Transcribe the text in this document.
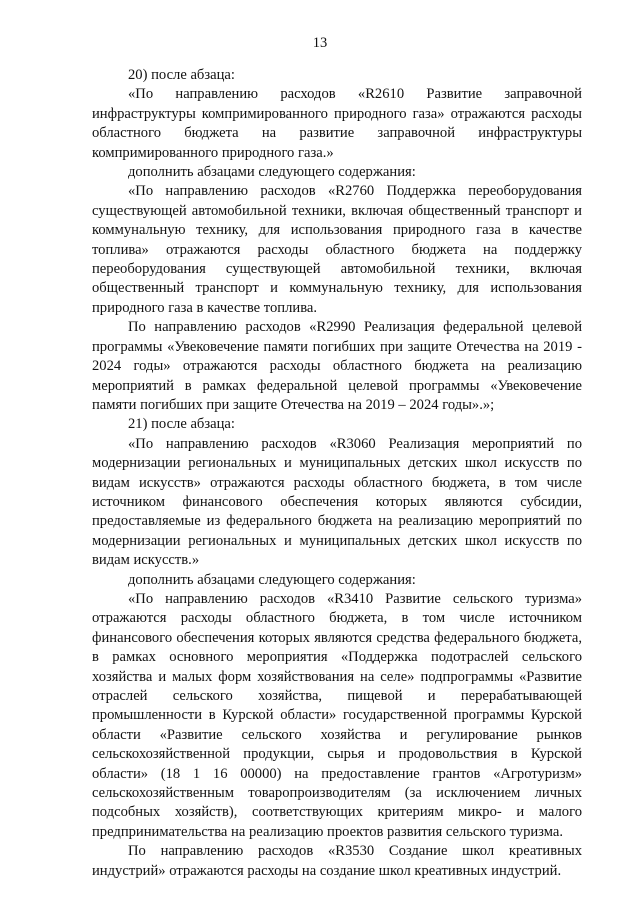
13

20) после абзаца:

«По направлению расходов «R2610 Развитие заправочной инфраструктуры компримированного природного газа» отражаются расходы областного бюджета на развитие заправочной инфраструктуры компримированного природного газа.»

дополнить абзацами следующего содержания:

«По направлению расходов «R2760 Поддержка переоборудования существующей автомобильной техники, включая общественный транспорт и коммунальную технику, для использования природного газа в качестве топлива» отражаются расходы областного бюджета на поддержку переоборудования существующей автомобильной техники, включая общественный транспорт и коммунальную технику, для использования природного газа в качестве топлива.

По направлению расходов «R2990 Реализация федеральной целевой программы «Увековечение памяти погибших при защите Отечества на 2019 - 2024 годы» отражаются расходы областного бюджета на реализацию мероприятий в рамках федеральной целевой программы «Увековечение памяти погибших при защите Отечества на 2019 – 2024 годы».»;

21) после абзаца:

«По направлению расходов «R3060 Реализация мероприятий по модернизации региональных и муниципальных детских школ искусств по видам искусств» отражаются расходы областного бюджета, в том числе источником финансового обеспечения которых являются субсидии, предоставляемые из федерального бюджета на реализацию мероприятий по модернизации региональных и муниципальных детских школ искусств по видам искусств.»

дополнить абзацами следующего содержания:

«По направлению расходов «R3410 Развитие сельского туризма» отражаются расходы областного бюджета, в том числе источником финансового обеспечения которых являются средства федерального бюджета, в рамках основного мероприятия «Поддержка подотраслей сельского хозяйства и малых форм хозяйствования на селе» подпрограммы «Развитие отраслей сельского хозяйства, пищевой и перерабатывающей промышленности в Курской области» государственной программы Курской области «Развитие сельского хозяйства и регулирование рынков сельскохозяйственной продукции, сырья и продовольствия в Курской области» (18 1 16 00000) на предоставление грантов «Агротуризм» сельскохозяйственным товаропроизводителям (за исключением личных подсобных хозяйств), соответствующих критериям микро- и малого предпринимательства на реализацию проектов развития сельского туризма.

По направлению расходов «R3530 Создание школ креативных индустрий» отражаются расходы на создание школ креативных индустрий.
